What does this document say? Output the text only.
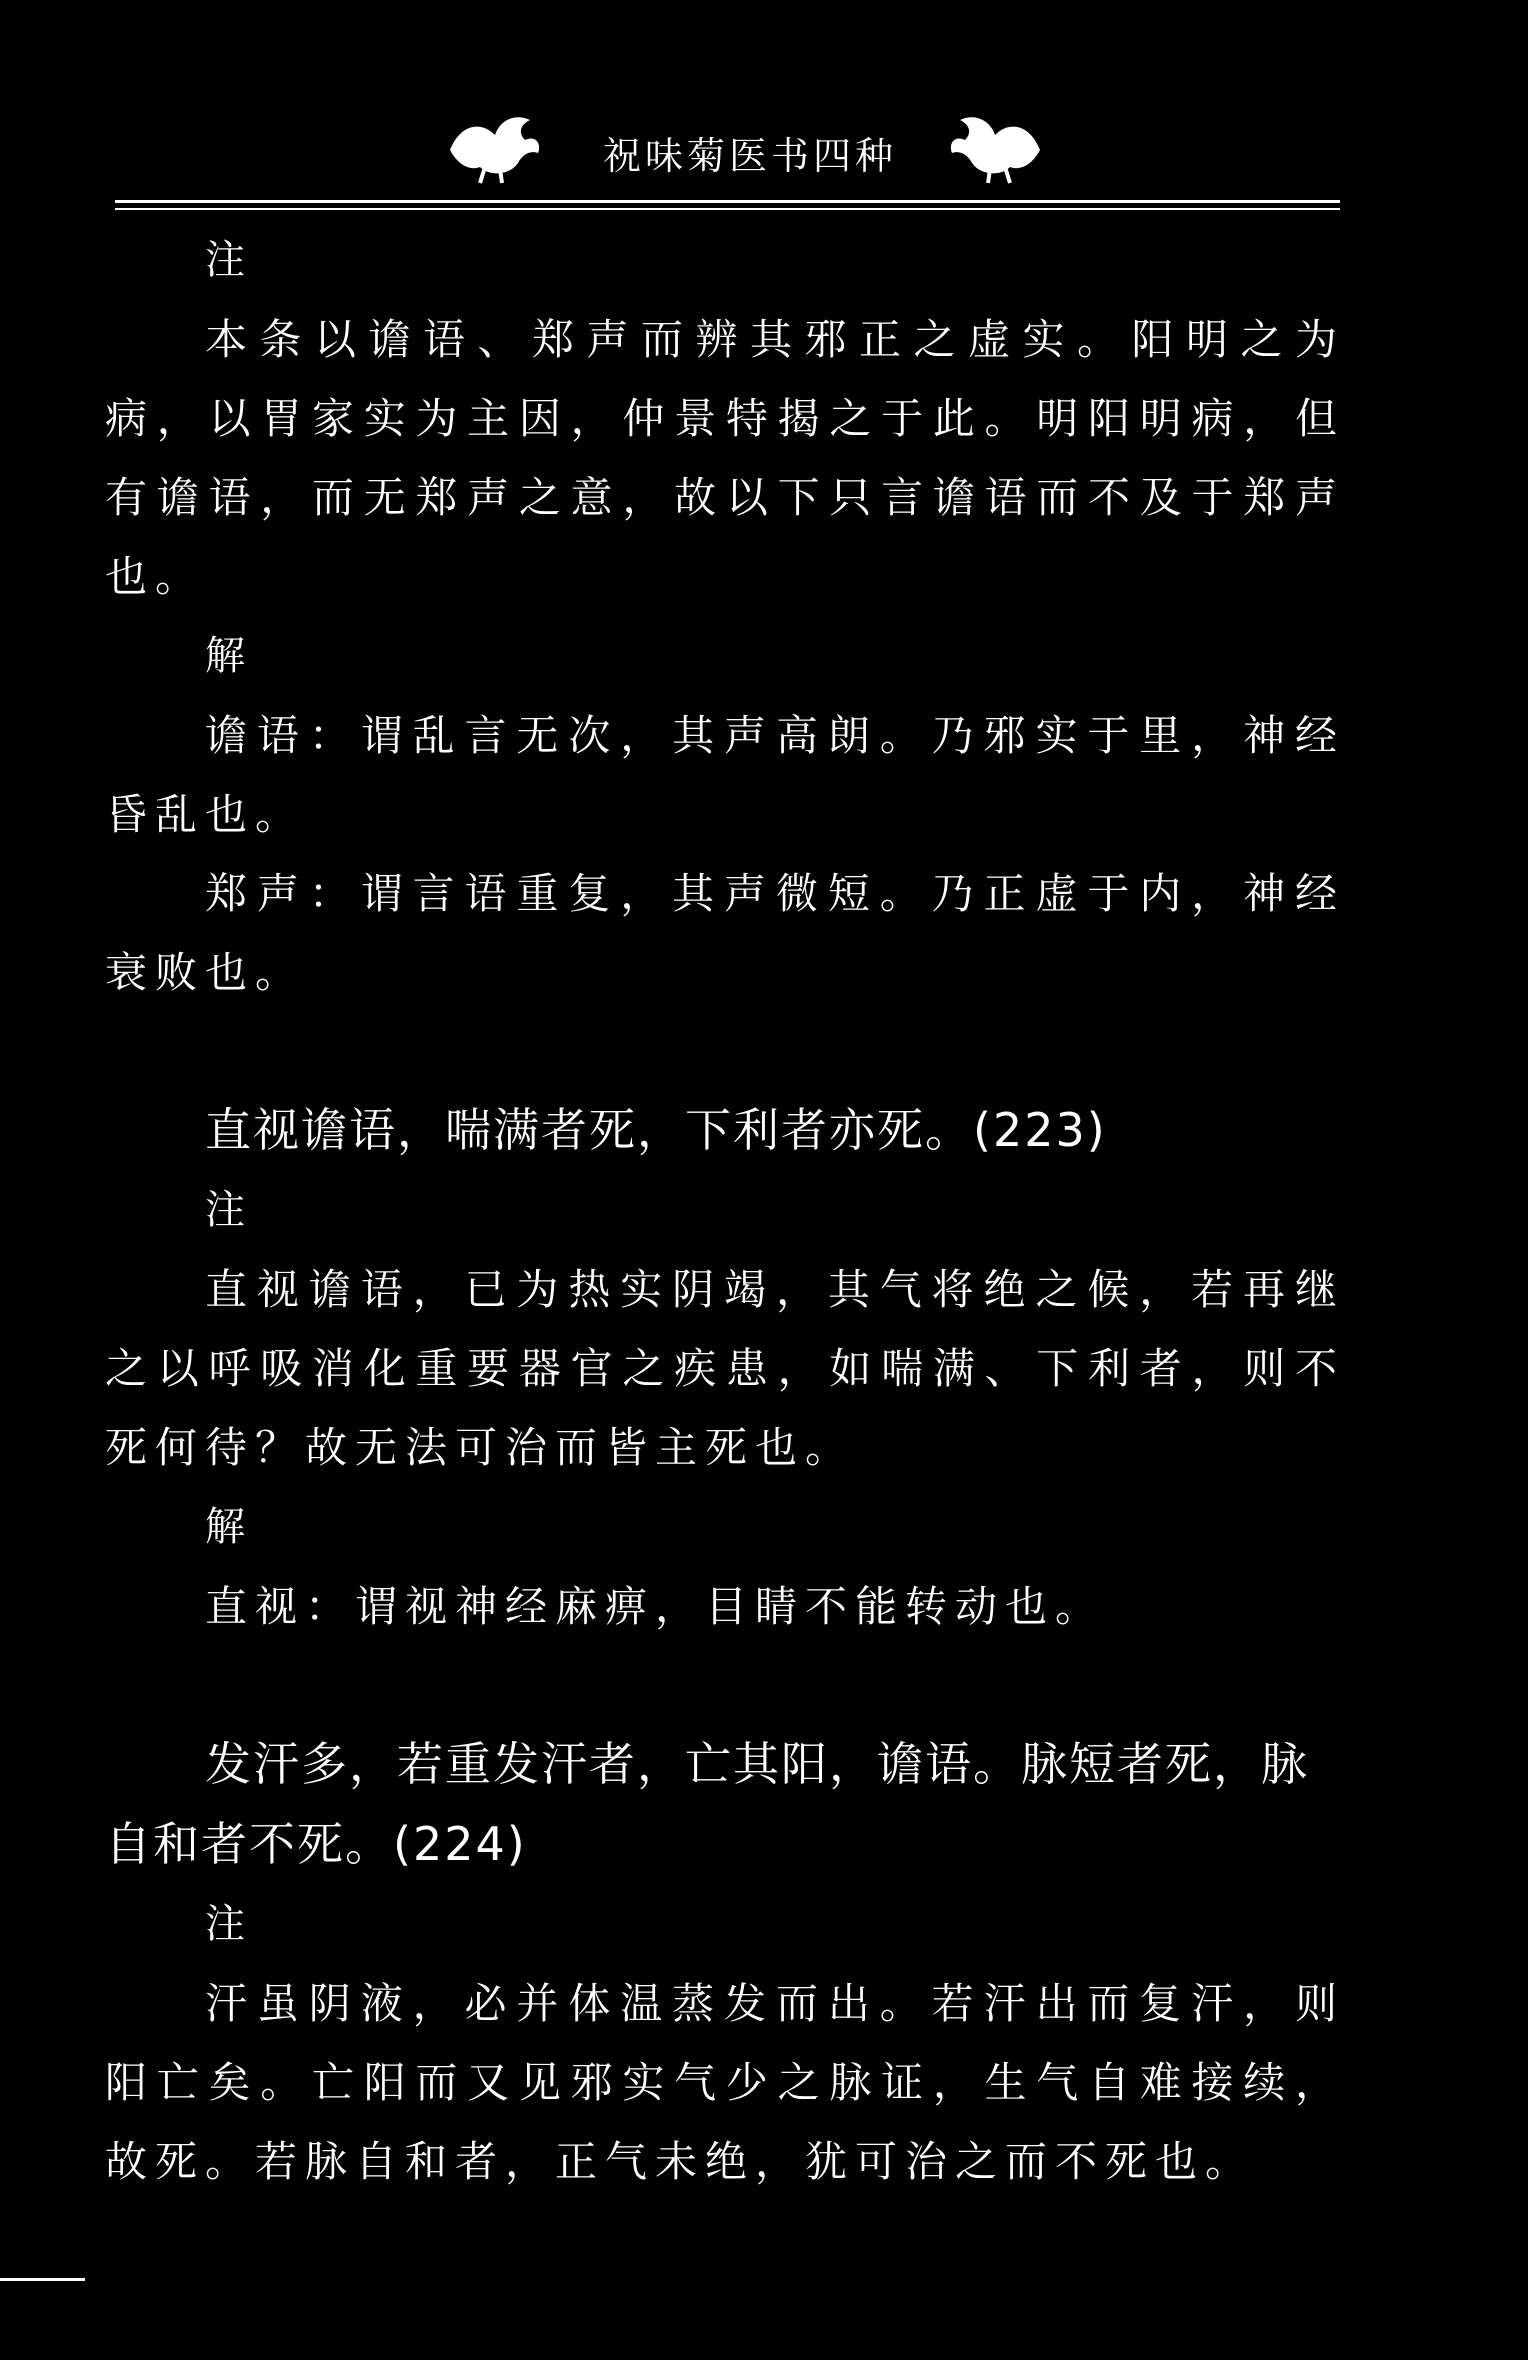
祝味菊医书四种
注

本条以谵语、郑声而辨其邪正之虚实。阳明之为病，以胃家实为主因，仲景特揭之于此。明阳明病，但有谵语，而无郑声之意，故以下只言谵语而不及于郑声也。

解

谵语：谓乱言无次，其声高朗。乃邪实于里，神经昏乱也。

郑声：谓言语重复，其声微短。乃正虚于内，神经衰败也。

直视谵语，喘满者死，下利者亦死。(223)

注

直视谵语，已为热实阴竭，其气将绝之候，若再继之以呼吸消化重要器官之疾患，如喘满、下利者，则不死何待？故无法可治而皆主死也。

解

直视：谓视神经麻痹，目睛不能转动也。

发汗多，若重发汗者，亡其阳，谵语。脉短者死，脉自和者不死。(224)

注

汗虽阴液，必并体温蒸发而出。若汗出而复汗，则阳亡矣。亡阳而又见邪实气少之脉证，生气自难接续，故死。若脉自和者，正气未绝，犹可治之而不死也。
